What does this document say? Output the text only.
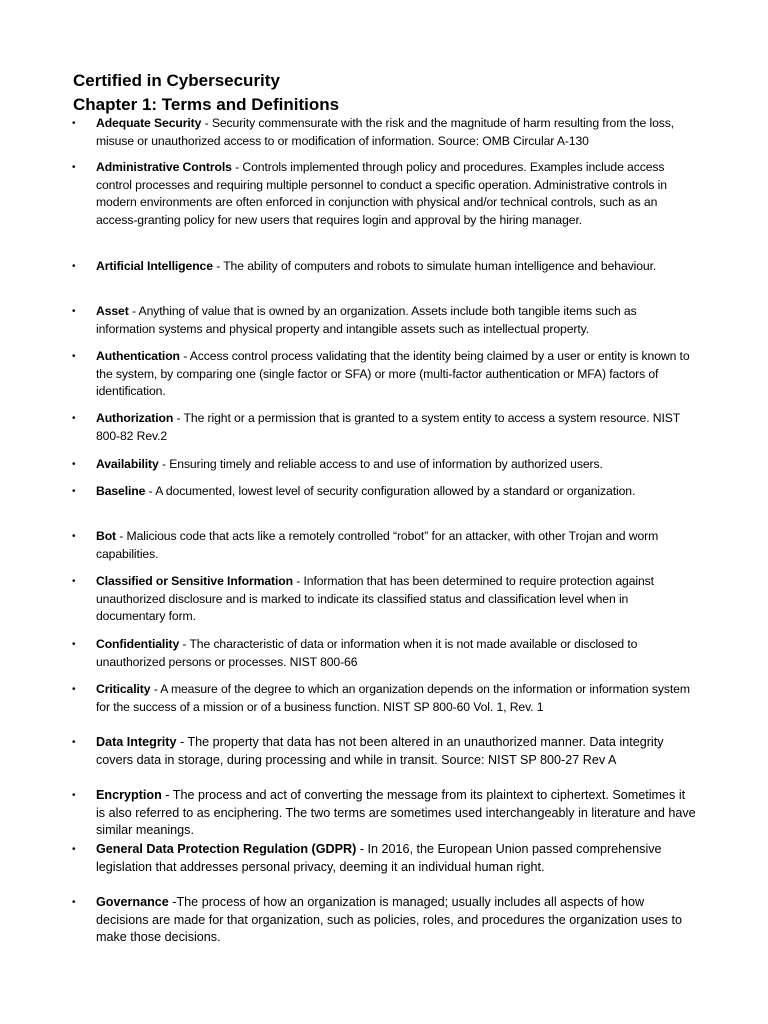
Certified in Cybersecurity
Chapter 1: Terms and Definitions
• Adequate Security - Security commensurate with the risk and the magnitude of harm resulting from the loss, misuse or unauthorized access to or modification of information. Source: OMB Circular A-130
• Administrative Controls - Controls implemented through policy and procedures. Examples include access control processes and requiring multiple personnel to conduct a specific operation. Administrative controls in modern environments are often enforced in conjunction with physical and/or technical controls, such as an access-granting policy for new users that requires login and approval by the hiring manager.
• Artificial Intelligence - The ability of computers and robots to simulate human intelligence and behaviour.
• Asset - Anything of value that is owned by an organization. Assets include both tangible items such as information systems and physical property and intangible assets such as intellectual property.
• Authentication - Access control process validating that the identity being claimed by a user or entity is known to the system, by comparing one (single factor or SFA) or more (multi-factor authentication or MFA) factors of identification.
• Authorization - The right or a permission that is granted to a system entity to access a system resource. NIST 800-82 Rev.2
• Availability - Ensuring timely and reliable access to and use of information by authorized users.
• Baseline - A documented, lowest level of security configuration allowed by a standard or organization.
• Bot - Malicious code that acts like a remotely controlled “robot” for an attacker, with other Trojan and worm capabilities.
• Classified or Sensitive Information - Information that has been determined to require protection against unauthorized disclosure and is marked to indicate its classified status and classification level when in documentary form.
• Confidentiality - The characteristic of data or information when it is not made available or disclosed to unauthorized persons or processes. NIST 800-66
• Criticality - A measure of the degree to which an organization depends on the information or information system for the success of a mission or of a business function. NIST SP 800-60 Vol. 1, Rev. 1
• Data Integrity - The property that data has not been altered in an unauthorized manner. Data integrity covers data in storage, during processing and while in transit. Source: NIST SP 800-27 Rev A
• Encryption - The process and act of converting the message from its plaintext to ciphertext. Sometimes it is also referred to as enciphering. The two terms are sometimes used interchangeably in literature and have similar meanings.
• General Data Protection Regulation (GDPR) - In 2016, the European Union passed comprehensive legislation that addresses personal privacy, deeming it an individual human right.
• Governance -The process of how an organization is managed; usually includes all aspects of how decisions are made for that organization, such as policies, roles, and procedures the organization uses to make those decisions.
